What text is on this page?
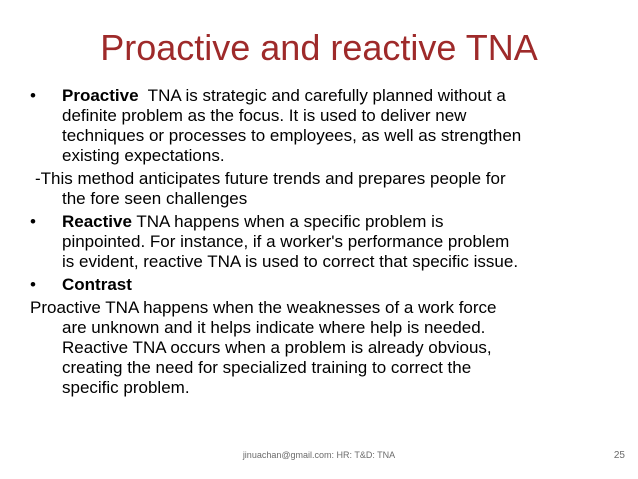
Proactive and reactive TNA
•	Proactive  TNA is strategic and carefully planned without a
definite problem as the focus. It is used to deliver new
techniques or processes to employees, as well as strengthen
existing expectations.
-This method anticipates future trends and prepares people for
the fore seen challenges
•	Reactive TNA happens when a specific problem is
pinpointed. For instance, if a worker's performance problem
is evident, reactive TNA is used to correct that specific issue.
•	Contrast
Proactive TNA happens when the weaknesses of a work force
are unknown and it helps indicate where help is needed.
Reactive TNA occurs when a problem is already obvious,
creating the need for specialized training to correct the
specific problem.
jinuachan@gmail.com: HR: T&D: TNA	25
